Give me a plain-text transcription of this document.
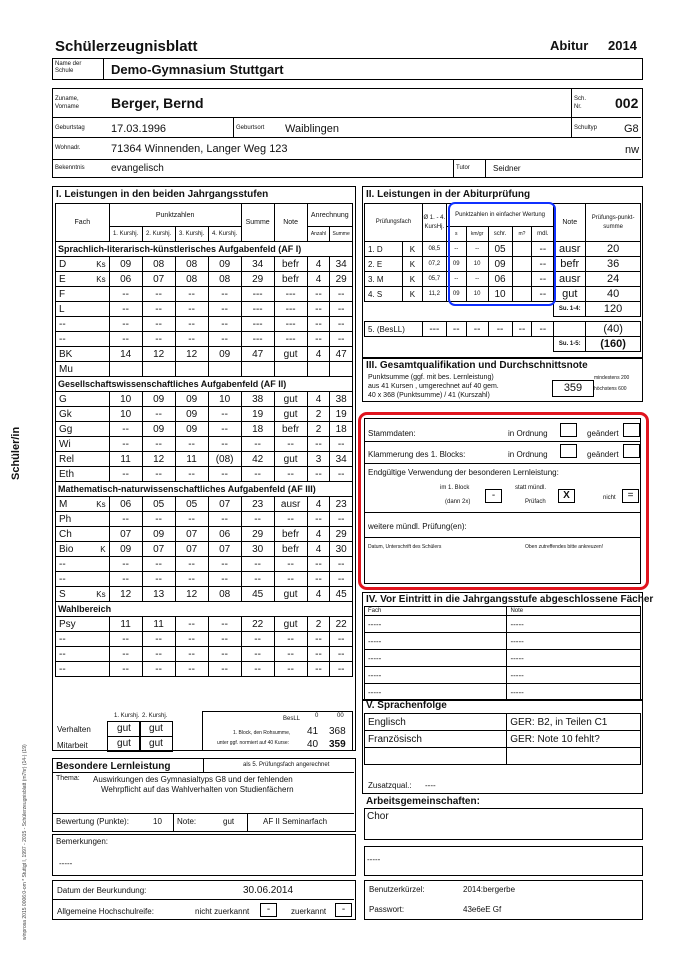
Schülerzeugnisblatt	Abitur 2014
Name der Schule	Demo-Gymnasium Stuttgart
Zuname, Vorname	Berger, Bernd	Sch. Nr.	002
Geburtstag 17.03.1996	Geburtsort Waiblingen	Schultyp G8
Wohnadr.	71364 Winnenden, Langer Weg 123	nw
Bekenntnis	evangelisch	Tutor	Seidner
Schüler/in
winprosa 2015 0006:0-om * Stuttgt I, 1997 - 2015 - Schülerzeugnisblatt (m7hr) (14-) (19)
I. Leistungen in den beiden Jahrgangsstufen
Fach	Punktzahlen				Summe	Note	Anrechnung	
	1. Kurshj.	2. Kurshj.	3. Kurshj.	4. Kurshj.			Anzahl	Summe
Sprachlich-literarisch-künstlerisches Aufgabenfeld (AF I)								
D Ks	09	08	08	09	34	befr	4	34
E Ks	06	07	08	08	29	befr	4	29
F	--	--	--	--	---	---	--	--
L	--	--	--	--	---	---	--	--
--	--	--	--	--	---	---	--	--
--	--	--	--	--	---	---	--	--
BK	14	12	12	09	47	gut	4	47
Mu

Gesellschaftswissenschaftliches Aufgabenfeld (AF II)								
G	10	09	09	10	38	gut	4	38
Gk	10	--	09	--	19	gut	2	19
Gg	--	09	09	--	18	befr	2	18
Wi	--	--	--	--	--	--	--	--
Rel	11	12	11	(08)	42	gut	3	34
Eth	--	--	--	--	--	--	--	--
Mathematisch-naturwissenschaftliches Aufgabenfeld (AF III)								
M Ks	06	05	05	07	23	ausr	4	23
Ph	--	--	--	--	--	--	--	--
Ch	07	09	07	06	29	befr	4	29
Bio K	09	07	07	07	30	befr	4	30
--	--	--	--	--	--	--	--	--
--	--	--	--	--	--	--	--	--
S Ks	12	13	12	08	45	gut	4	45
Wahlbereich								
Psy	11	11	--	--	22	gut	2	22
--	--	--	--	--	--	--	--	--
--	--	--	--	--	--	--	--	--
--	--	--	--	--	--	--	--	--
1. Kurshj. 2. Kurshj.
Verhalten	gut	gut
Mitarbeit	gut	gut
BesLL 0	00
1. Block, den Rohsumme,
unter ggf. normiert auf 40 Kurse:
41 368
40 359
II. Leistungen in der Abiturprüfung
Prüfungsfach		Ø 1. - 4. KursHj.	Punktzahlen in einfacher Wertung					Note	Prüfungs-punkt-summe
			s	km/gr	schr.	m?	mdl.		
1. D	K	08,5	--	--	05		--	ausr	20
2. E	K	07,2	09	10	09		--	befr	36
3. M	K	05,7	--	--	06		--	ausr	24
4. S	K	11,2	09	10	10		--	gut	40
								Su. 1-4:	120

5. (BesLL)		---	--	--	--	--	--		(40)
								Su. 1-5:	(160)
III. Gesamtqualifikation und Durchschnittsnote
Punktsumme (ggf. mit bes. Lernleistung)
aus 41 Kursen , umgerechnet auf 40 gem.
40 x 368 (Punktsumme) / 41 (Kurszahl)
359
mindestens 200
höchstens 600
Stammdaten:	in Ordnung	geändert
Klammerung des 1. Blocks:	in Ordnung	geändert
Endgültige Verwendung der besonderen Lernleistung:
im 1. Block
(dann 2x)
-
statt mündl.
Prüfach
X	nicht	=
weitere mündl. Prüfung(en):
Datum, Unterschrift des Schülers	Oben zutreffendes bitte ankreuzen!
IV. Vor Eintritt in die Jahrgangsstufe abgeschlossene Fächer
Fach	Note
-----	-----
-----	-----
-----	-----
-----	-----
-----	-----
V. Sprachenfolge
Englisch	GER: B2, in Teilen C1
Französisch	GER: Note 10 fehlt?

Zusatzqual.: ----
Arbeitsgemeinschaften:
Chor
-----
Benutzerkürzel:	2014:bergerbe
Passwort:	43e6eE Gf
Besondere Lernleistung	als 5. Prüfungsfach angerechnet
Thema: Auswirkungen des Gymnasialtyps G8 und der fehlenden
Wehrpflicht auf das Wahlverhalten von Studienfächern
Bewertung (Punkte):	10 Note:	gut	AF II Seminarfach
Bemerkungen:
-----
Datum der Beurkundung:	30.06.2014
Allgemeine Hochschulreife:	nicht zuerkannt	-	zuerkannt	-
